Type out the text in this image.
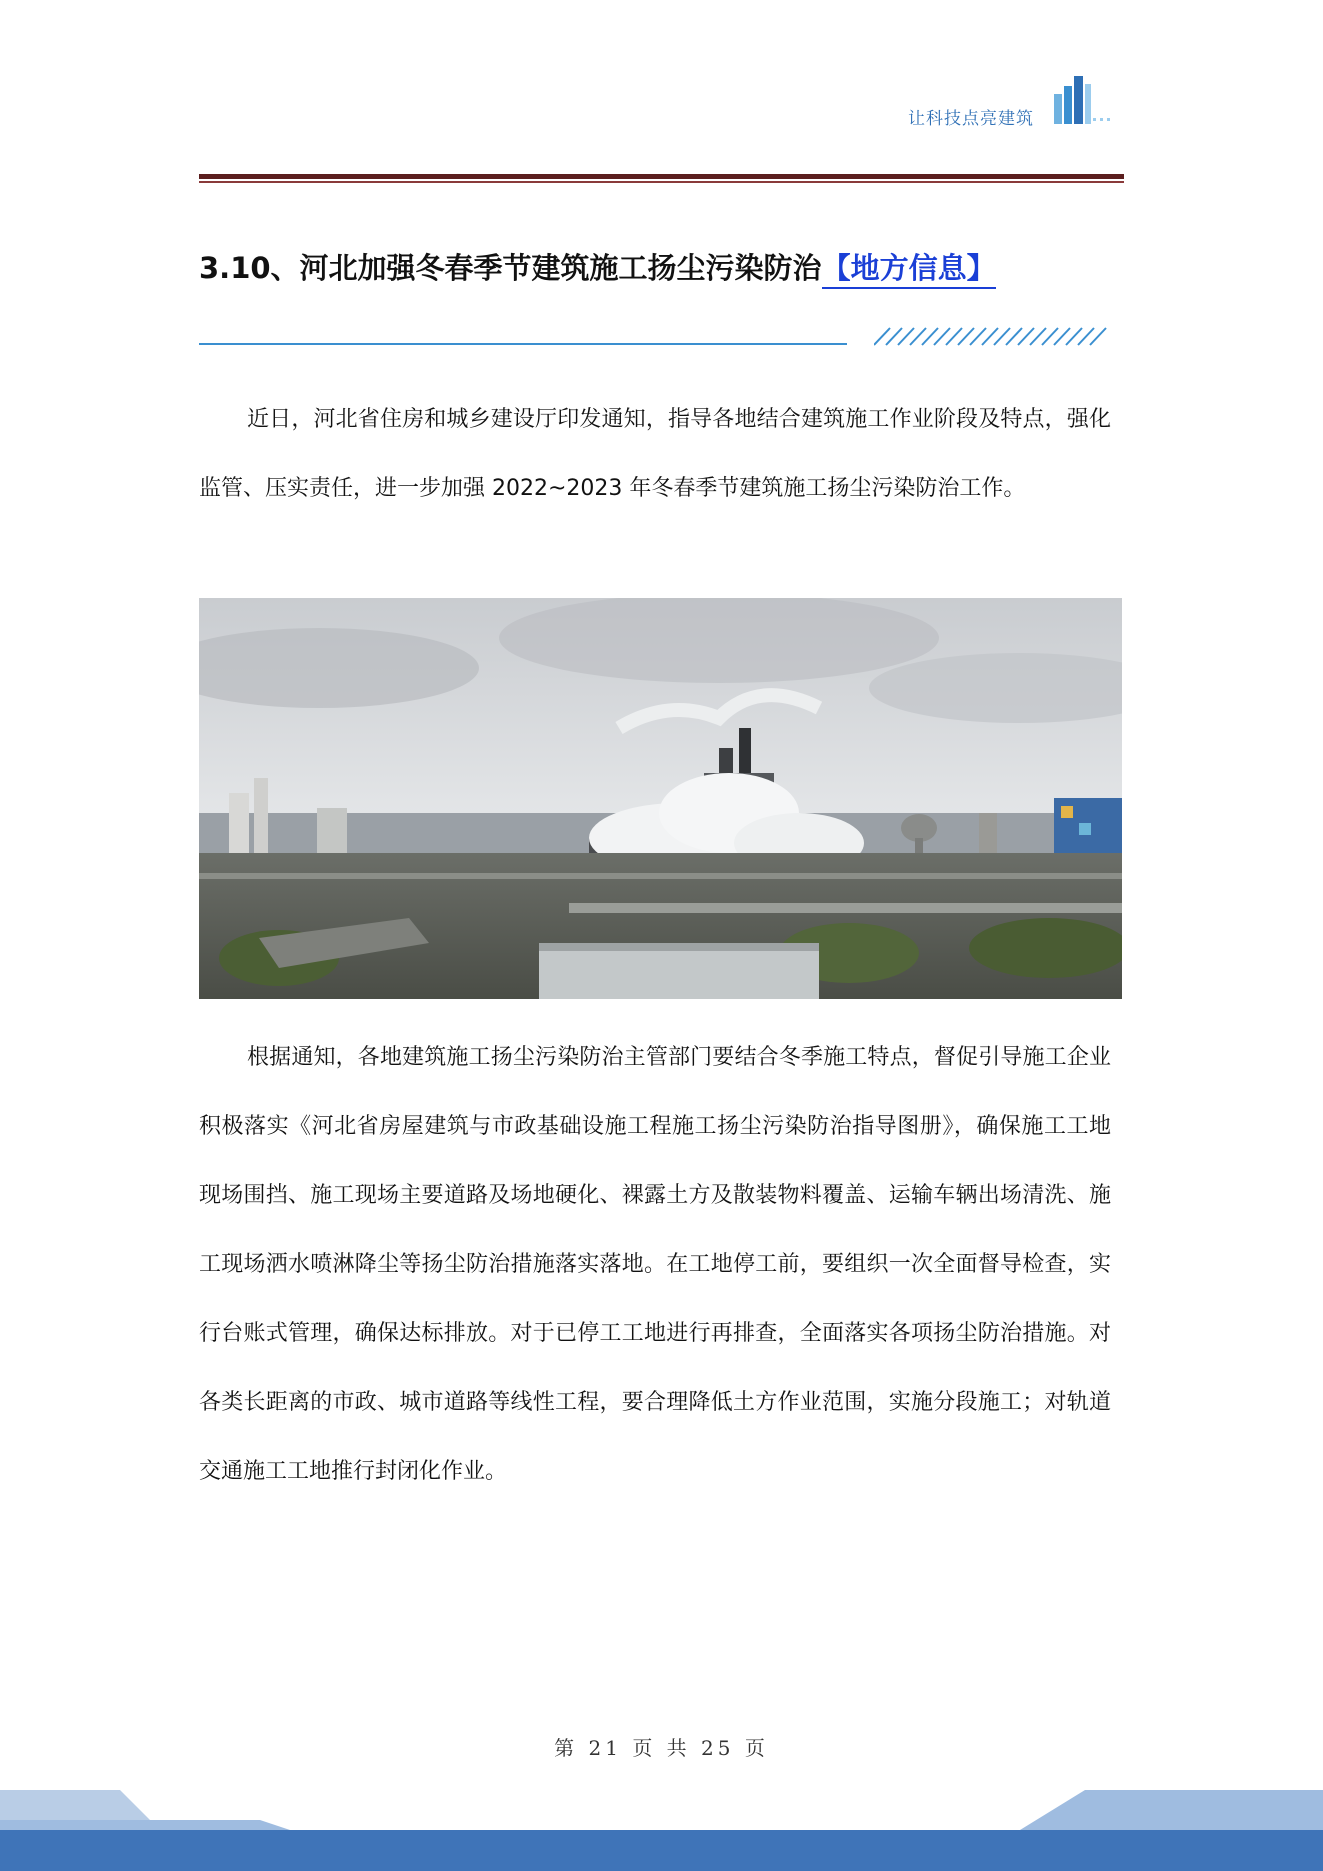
让科技点亮建筑
3.10、河北加强冬春季节建筑施工扬尘污染防治【地方信息】

近日，河北省住房和城乡建设厅印发通知，指导各地结合建筑施工作业阶段及特点，强化监管、压实责任，进一步加强 2022~2023 年冬春季节建筑施工扬尘污染防治工作。

根据通知，各地建筑施工扬尘污染防治主管部门要结合冬季施工特点，督促引导施工企业积极落实《河北省房屋建筑与市政基础设施工程施工扬尘污染防治指导图册》，确保施工工地现场围挡、施工现场主要道路及场地硬化、裸露土方及散装物料覆盖、运输车辆出场清洗、施工现场洒水喷淋降尘等扬尘防治措施落实落地。在工地停工前，要组织一次全面督导检查，实行台账式管理，确保达标排放。对于已停工工地进行再排查，全面落实各项扬尘防治措施。对各类长距离的市政、城市道路等线性工程，要合理降低土方作业范围，实施分段施工；对轨道交通施工工地推行封闭化作业。

第 21 页 共 25 页
